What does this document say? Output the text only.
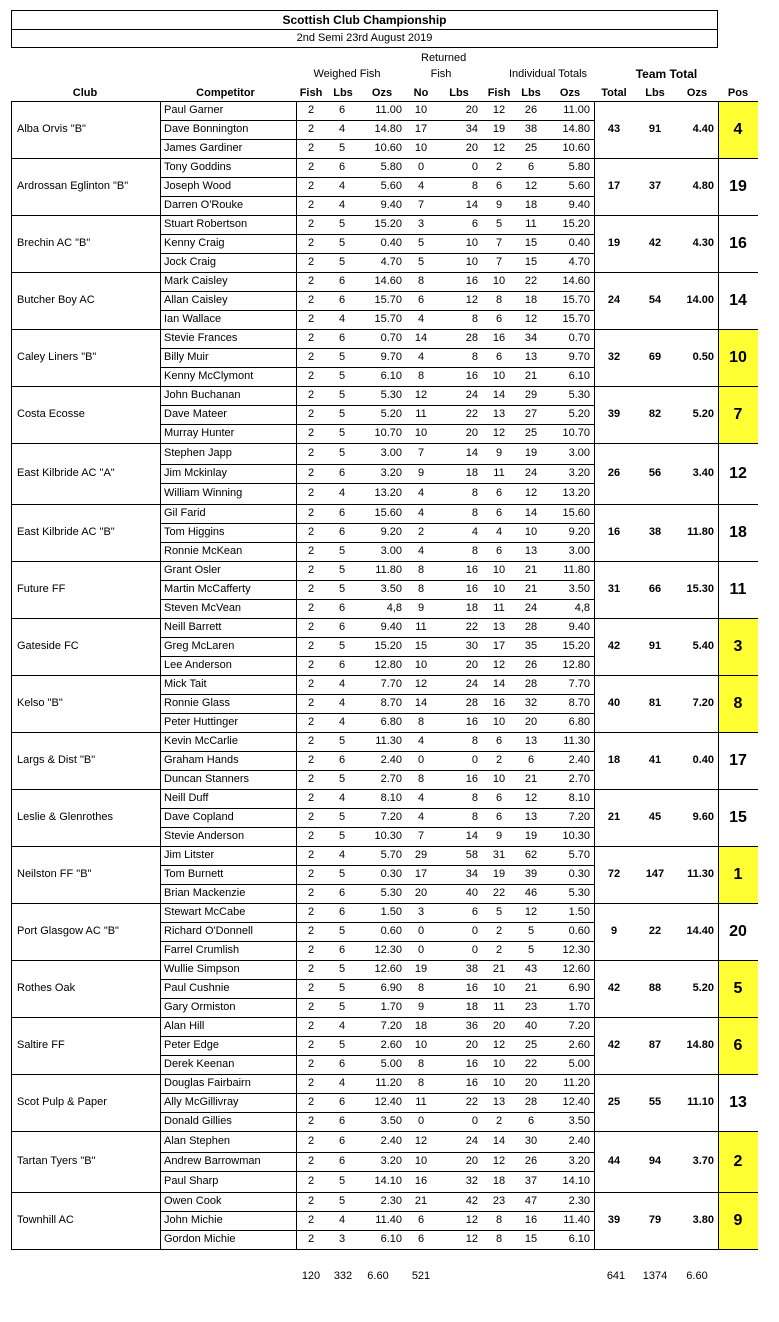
Scottish Club Championship
2nd Semi 23rd August 2019
Returned
Weighed Fish	Fish	Individual Totals	Team Total
Club	Competitor	Fish Lbs	Ozs	No	Lbs	Fish Lbs	Ozs	Total	Lbs	Ozs	Pos
Alba Orvis "B"
Paul Garner	2	6	11.00	10	20	12	26	11.00
Dave Bonnington	2	4	14.80	17	34	19	38	14.80
James Gardiner	2	5	10.60	10	20	12	25	10.60
43	91	4.40	4
Ardrossan Eglinton "B"
Tony Goddins	2	6	5.80	0	0	2	6	5.80
Joseph Wood	2	4	5.60	4	8	6	12	5.60
Darren O'Rouke	2	4	9.40	7	14	9	18	9.40
17	37	4.80 19
Brechin AC "B"
Stuart Robertson	2	5	15.20	3	6	5	11	15.20
Kenny Craig	2	5	0.40	5	10	7	15	0.40
Jock Craig	2	5	4.70	5	10	7	15	4.70
19	42	4.30 16
Butcher Boy AC
Mark Caisley	2	6	14.60	8	16	10	22	14.60
Allan Caisley	2	6	15.70	6	12	8	18	15.70
Ian Wallace	2	4	15.70	4	8	6	12	15.70
24	54	14.00 14
Caley Liners "B"
Stevie Frances	2	6	0.70	14	28	16	34	0.70
Billy Muir	2	5	9.70	4	8	6	13	9.70
Kenny McClymont	2	5	6.10	8	16	10	21	6.10
32	69	0.50 10
Costa Ecosse
John Buchanan	2	5	5.30	12	24	14	29	5.30
Dave Mateer	2	5	5.20	11	22	13	27	5.20
Murray Hunter	2	5	10.70	10	20	12	25	10.70
39	82	5.20	7
East Kilbride AC "A"
Stephen Japp	2	5	3.00	7	14	9	19	3.00
Jim Mckinlay	2	6	3.20	9	18	11	24	3.20
William Winning	2	4	13.20	4	8	6	12	13.20
26	56	3.40 12
East Kilbride AC "B"
Gil Farid	2	6	15.60	4	8	6	14	15.60
Tom Higgins	2	6	9.20	2	4	4	10	9.20
Ronnie McKean	2	5	3.00	4	8	6	13	3.00
16	38	11.80 18
Future FF
Grant Osler	2	5	11.80	8	16	10	21	11.80
Martin McCafferty	2	5	3.50	8	16	10	21	3.50
Steven McVean	2	6	4,8	9	18	11	24	4,8
31	66	15.30 11
Gateside FC
Neill Barrett	2	6	9.40	11	22	13	28	9.40
Greg McLaren	2	5	15.20	15	30	17	35	15.20
Lee Anderson	2	6	12.80	10	20	12	26	12.80
42	91	5.40	3
Kelso "B"
Mick Tait	2	4	7.70	12	24	14	28	7.70
Ronnie Glass	2	4	8.70	14	28	16	32	8.70
Peter Huttinger	2	4	6.80	8	16	10	20	6.80
40	81	7.20	8
Largs & Dist "B"
Kevin McCarlie	2	5	11.30	4	8	6	13	11.30
Graham Hands	2	6	2.40	0	0	2	6	2.40
Duncan Stanners	2	5	2.70	8	16	10	21	2.70
18	41	0.40 17
Leslie & Glenrothes
Neill Duff	2	4	8.10	4	8	6	12	8.10
Dave Copland	2	5	7.20	4	8	6	13	7.20
Stevie Anderson	2	5	10.30	7	14	9	19	10.30
21	45	9.60 15
Neilston FF "B"
Jim Litster	2	4	5.70	29	58	31	62	5.70
Tom Burnett	2	5	0.30	17	34	19	39	0.30
Brian Mackenzie	2	6	5.30	20	40	22	46	5.30
72	147	11.30	1
Port Glasgow AC "B"
Stewart McCabe	2	6	1.50	3	6	5	12	1.50
Richard O'Donnell	2	5	0.60	0	0	2	5	0.60
Farrel Crumlish	2	6	12.30	0	0	2	5	12.30
9	22	14.40 20
Rothes Oak
Wullie Simpson	2	5	12.60	19	38	21	43	12.60
Paul Cushnie	2	5	6.90	8	16	10	21	6.90
Gary Ormiston	2	5	1.70	9	18	11	23	1.70
42	88	5.20	5
Saltire FF
Alan Hill	2	4	7.20	18	36	20	40	7.20
Peter Edge	2	5	2.60	10	20	12	25	2.60
Derek Keenan	2	6	5.00	8	16	10	22	5.00
42	87	14.80	6
Scot Pulp & Paper
Douglas Fairbairn	2	4	11.20	8	16	10	20	11.20
Ally McGillivray	2	6	12.40	11	22	13	28	12.40
Donald Gillies	2	6	3.50	0	0	2	6	3.50
25	55	11.10 13
Tartan Tyers "B"
Alan Stephen	2	6	2.40	12	24	14	30	2.40
Andrew Barrowman	2	6	3.20	10	20	12	26	3.20
Paul Sharp	2	5	14.10	16	32	18	37	14.10
44	94	3.70	2
Townhill AC
Owen Cook	2	5	2.30	21	42	23	47	2.30
John Michie	2	4	11.40	6	12	8	16	11.40
Gordon Michie	2	3	6.10	6	12	8	15	6.10
39	79	3.80	9
120	332	6.60	521	641	1374	6.60
